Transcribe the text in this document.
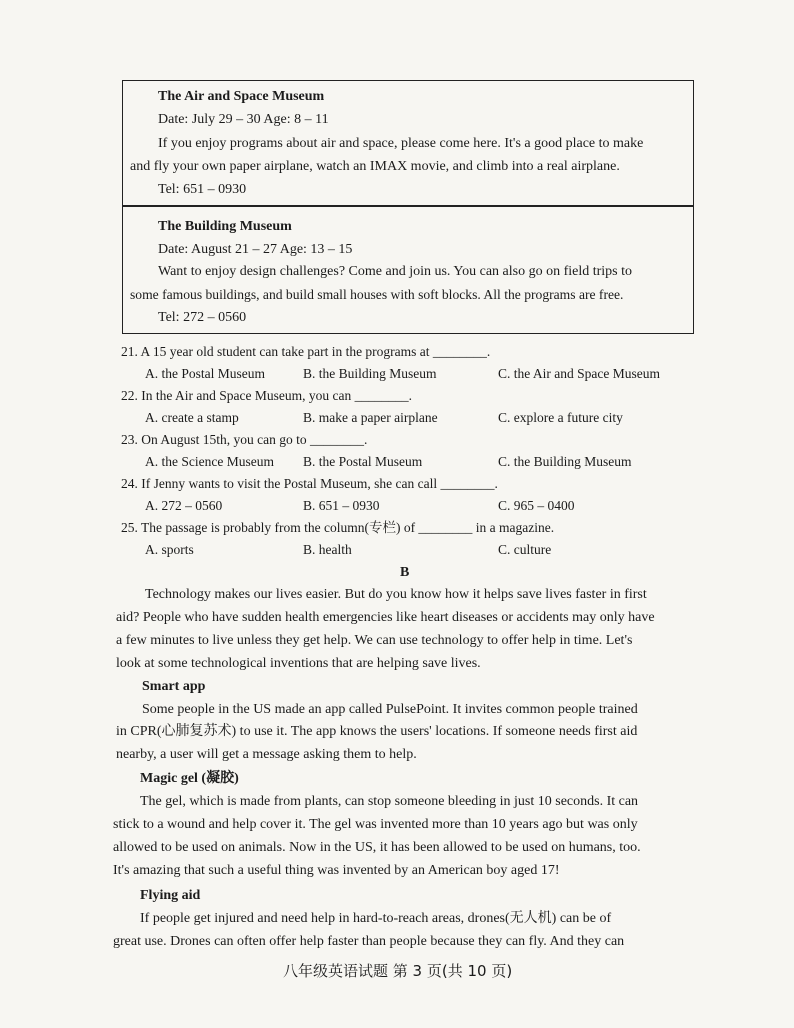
The Air and Space Museum
Date: July 29 – 30 Age: 8 – 11
If you enjoy programs about air and space, please come here. It's a good place to make
and fly your own paper airplane, watch an IMAX movie, and climb into a real airplane.
Tel: 651 – 0930
The Building Museum
Date: August 21 – 27 Age: 13 – 15
Want to enjoy design challenges? Come and join us. You can also go on field trips to
some famous buildings, and build small houses with soft blocks. All the programs are free.
Tel: 272 – 0560
21. A 15 year old student can take part in the programs at ________.
A. the Postal Museum	B. the Building Museum	C. the Air and Space Museum
22. In the Air and Space Museum, you can ________.
A. create a stamp	B. make a paper airplane	C. explore a future city
23. On August 15th, you can go to ________.
A. the Science Museum B. the Postal Museum	C. the Building Museum
24. If Jenny wants to visit the Postal Museum, she can call ________.
A. 272 – 0560	B. 651 – 0930	C. 965 – 0400
25. The passage is probably from the column(专栏) of ________ in a magazine.
A. sports	B. health	C. culture
B
Technology makes our lives easier. But do you know how it helps save lives faster in first
aid? People who have sudden health emergencies like heart diseases or accidents may only have
a few minutes to live unless they get help. We can use technology to offer help in time. Let's
look at some technological inventions that are helping save lives.
Smart app
Some people in the US made an app called PulsePoint. It invites common people trained
in CPR(心肺复苏术) to use it. The app knows the users' locations. If someone needs first aid
nearby, a user will get a message asking them to help.
Magic gel (凝胶)
The gel, which is made from plants, can stop someone bleeding in just 10 seconds. It can
stick to a wound and help cover it. The gel was invented more than 10 years ago but was only
allowed to be used on animals. Now in the US, it has been allowed to be used on humans, too.
It's amazing that such a useful thing was invented by an American boy aged 17!
Flying aid
If people get injured and need help in hard-to-reach areas, drones(无人机) can be of
great use. Drones can often offer help faster than people because they can fly. And they can
八年级英语试题 第 3 页(共 10 页)
